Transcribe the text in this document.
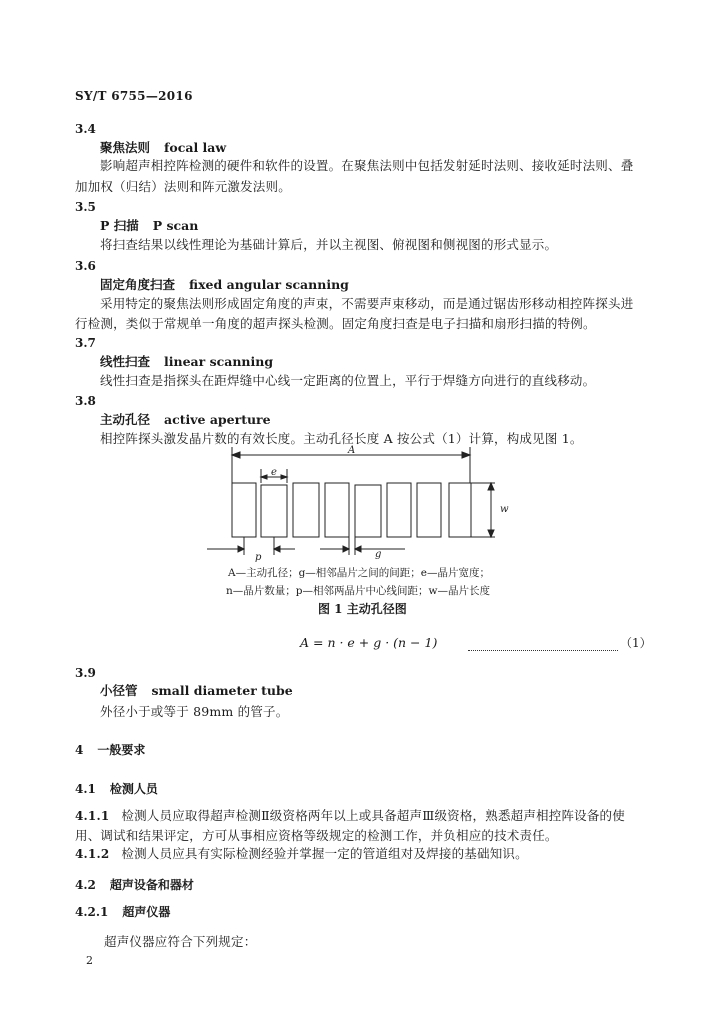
SY/T 6755—2016
3.4
聚焦法则 focal law
影响超声相控阵检测的硬件和软件的设置。在聚焦法则中包括发射延时法则、接收延时法则、叠
加加权（归结）法则和阵元激发法则。
3.5
P 扫描 P scan
将扫查结果以线性理论为基础计算后，并以主视图、俯视图和侧视图的形式显示。
3.6
固定角度扫查 fixed angular scanning
采用特定的聚焦法则形成固定角度的声束，不需要声束移动，而是通过锯齿形移动相控阵探头进
行检测，类似于常规单一角度的超声探头检测。固定角度扫查是电子扫描和扇形扫描的特例。
3.7
线性扫查 linear scanning
线性扫查是指探头在距焊缝中心线一定距离的位置上，平行于焊缝方向进行的直线移动。
3.8
主动孔径 active aperture
相控阵探头激发晶片数的有效长度。主动孔径长度 A 按公式（1）计算，构成见图 1。
A
e
w
p	g
A—主动孔径；g—相邻晶片之间的间距；e—晶片宽度；
n—晶片数量；p—相邻两晶片中心线间距；w—晶片长度
图 1 主动孔径图
A = n · e + g · (n − 1)	（1）
3.9
小径管 small diameter tube
外径小于或等于 89mm 的管子。
4 一般要求
4.1 检测人员
4.1.1 检测人员应取得超声检测Ⅱ级资格两年以上或具备超声Ⅲ级资格，熟悉超声相控阵设备的使
用、调试和结果评定，方可从事相应资格等级规定的检测工作，并负相应的技术责任。
4.1.2 检测人员应具有实际检测经验并掌握一定的管道组对及焊接的基础知识。
4.2 超声设备和器材
4.2.1 超声仪器
超声仪器应符合下列规定：
2
